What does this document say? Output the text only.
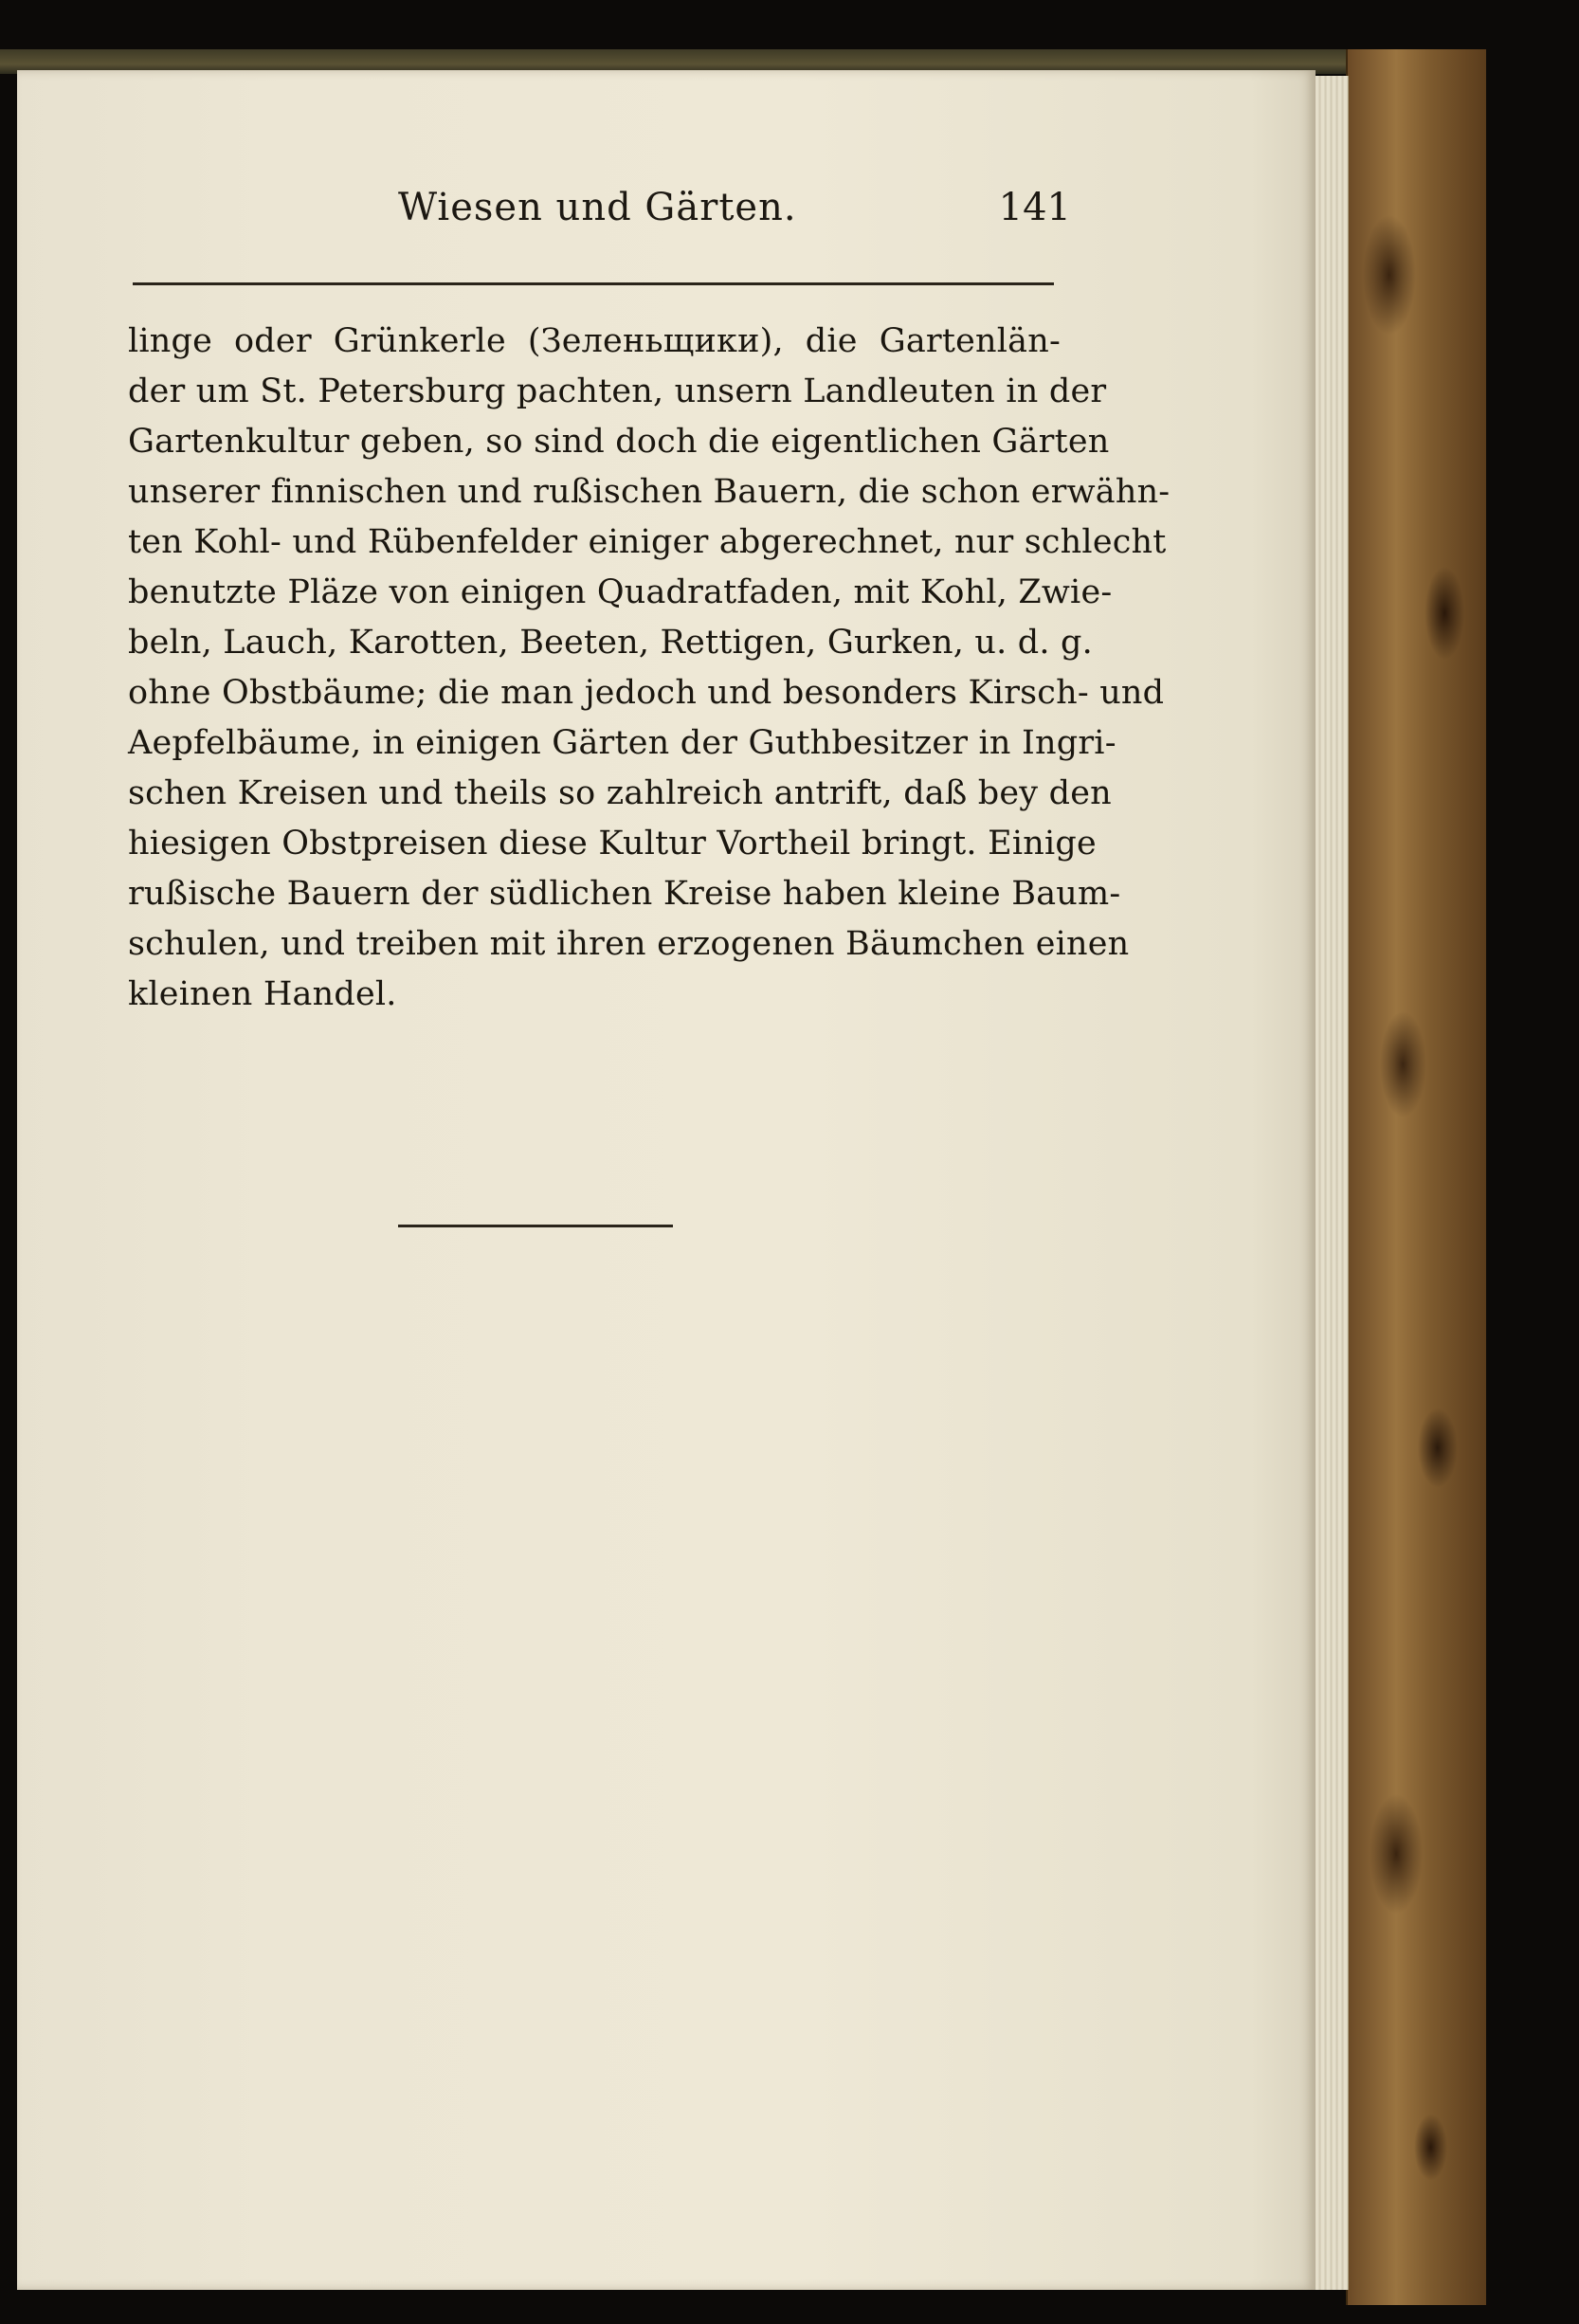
Wiesen und Gärten.	141
linge oder Grünkerle (Зеленьщики), die Gartenlän‑
der um St. Petersburg pachten, unsern Landleuten in der
Gartenkultur geben, so sind doch die eigentlichen Gärten
unserer finnischen und rußischen Bauern, die schon erwähn‑
ten Kohl‑ und Rübenfelder einiger abgerechnet, nur schlecht
benutzte Pläze von einigen Quadratfaden, mit Kohl, Zwie‑
beln, Lauch, Karotten, Beeten, Rettigen, Gurken, u. d. g.
ohne Obstbäume; die man jedoch und besonders Kirsch‑ und
Aepfelbäume, in einigen Gärten der Guthbesitzer in Ingri‑
schen Kreisen und theils so zahlreich antrift, daß bey den
hiesigen Obstpreisen diese Kultur Vortheil bringt. Einige
rußische Bauern der südlichen Kreise haben kleine Baum‑
schulen, und treiben mit ihren erzogenen Bäumchen einen
kleinen Handel.
